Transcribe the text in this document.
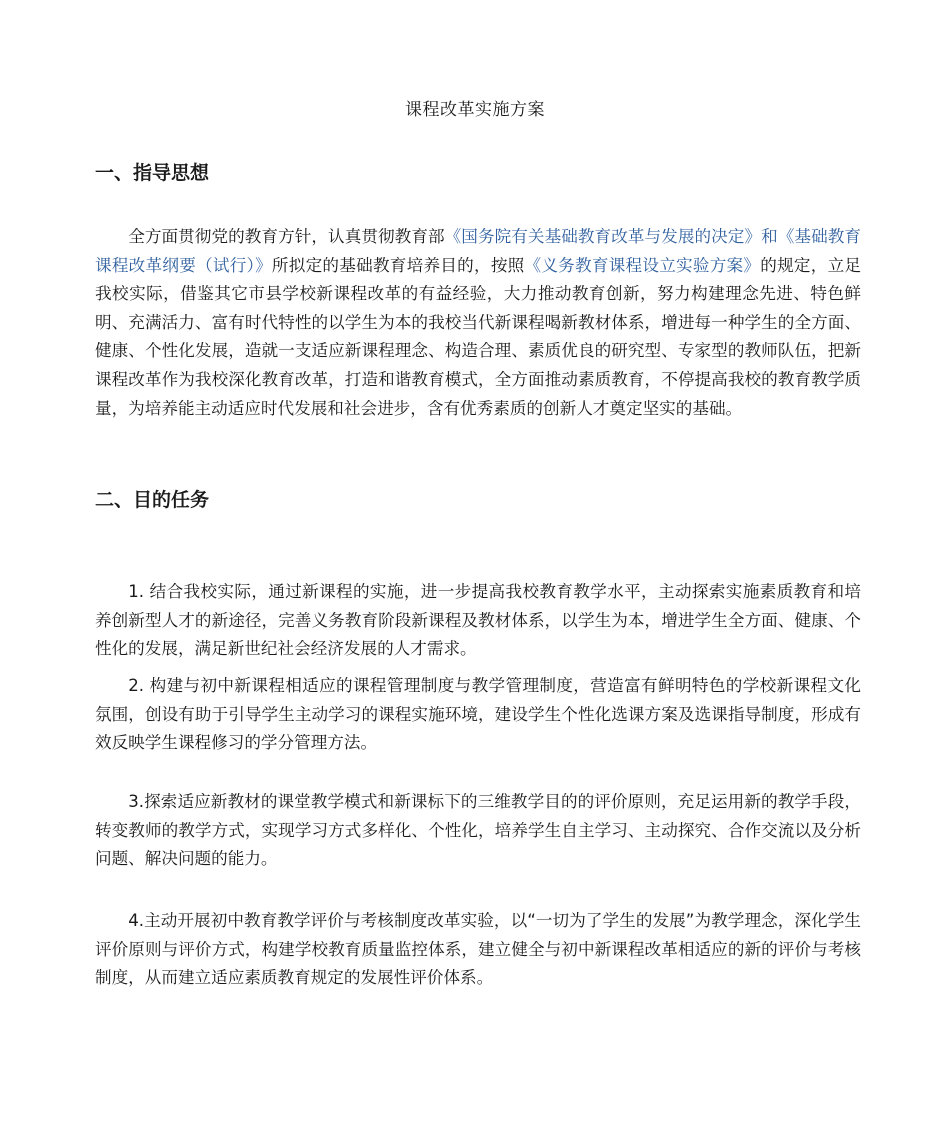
课程改革实施方案
一、指导思想

全方面贯彻党的教育方针，认真贯彻教育部《国务院有关基础教育改革与发展的决定》和《基础教育课程改革纲要（试行）》所拟定的基础教育培养目的，按照《义务教育课程设立实验方案》的规定，立足我校实际，借鉴其它市县学校新课程改革的有益经验，大力推动教育创新，努力构建理念先进、特色鲜明、充满活力、富有时代特性的以学生为本的我校当代新课程喝新教材体系，增进每一种学生的全方面、健康、个性化发展，造就一支适应新课程理念、构造合理、素质优良的研究型、专家型的教师队伍，把新课程改革作为我校深化教育改革，打造和谐教育模式，全方面推动素质教育，不停提高我校的教育教学质量，为培养能主动适应时代发展和社会进步，含有优秀素质的创新人才奠定坚实的基础。

二、目的任务

1. 结合我校实际，通过新课程的实施，进一步提高我校教育教学水平，主动探索实施素质教育和培养创新型人才的新途径，完善义务教育阶段新课程及教材体系，以学生为本，增进学生全方面、健康、个性化的发展，满足新世纪社会经济发展的人才需求。

2. 构建与初中新课程相适应的课程管理制度与教学管理制度，营造富有鲜明特色的学校新课程文化氛围，创设有助于引导学生主动学习的课程实施环境，建设学生个性化选课方案及选课指导制度，形成有效反映学生课程修习的学分管理方法。

3.探索适应新教材的课堂教学模式和新课标下的三维教学目的的评价原则，充足运用新的教学手段，转变教师的教学方式，实现学习方式多样化、个性化，培养学生自主学习、主动探究、合作交流以及分析问题、解决问题的能力。

4.主动开展初中教育教学评价与考核制度改革实验，以“一切为了学生的发展”为教学理念，深化学生评价原则与评价方式，构建学校教育质量监控体系，建立健全与初中新课程改革相适应的新的评价与考核制度，从而建立适应素质教育规定的发展性评价体系。
